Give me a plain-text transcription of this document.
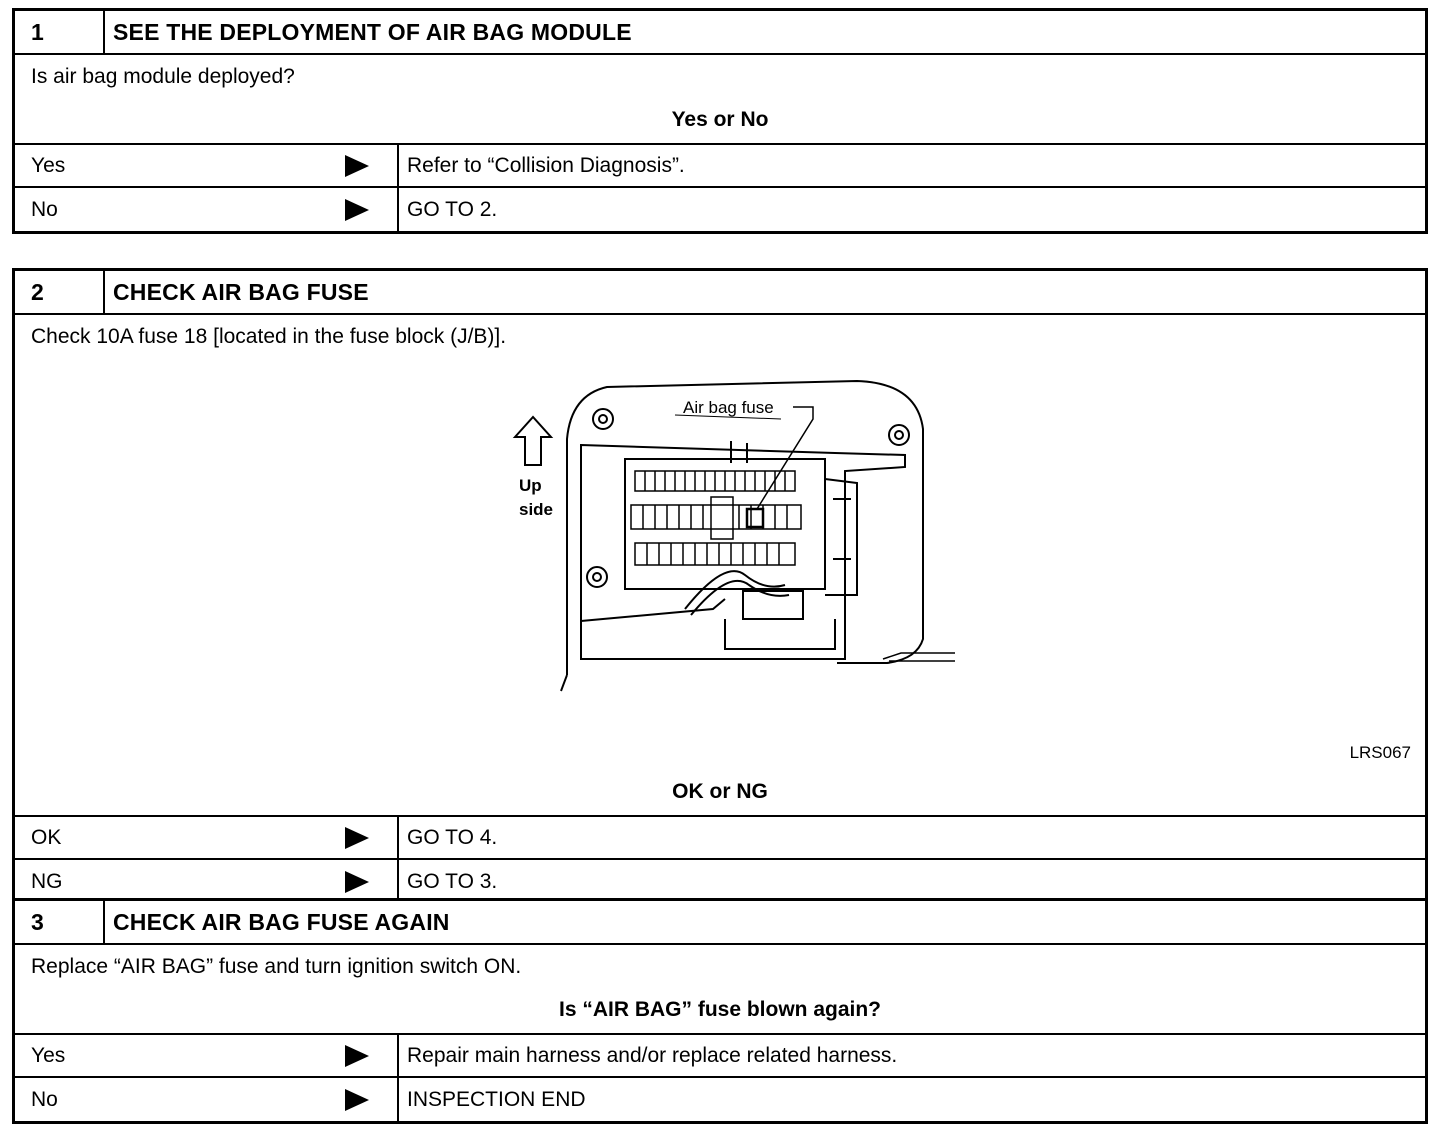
1	SEE THE DEPLOYMENT OF AIR BAG MODULE
Is air bag module deployed?
Yes or No
Yes	Refer to “Collision Diagnosis”.
No	GO TO 2.
2	CHECK AIR BAG FUSE
Check 10A fuse 18 [located in the fuse block (J/B)].
Air bag fuse
Up
side
LRS067
OK or NG
OK	GO TO 4.
NG	GO TO 3.
3	CHECK AIR BAG FUSE AGAIN
Replace “AIR BAG” fuse and turn ignition switch ON.
Is “AIR BAG” fuse blown again?
Yes	Repair main harness and/or replace related harness.
No	INSPECTION END
